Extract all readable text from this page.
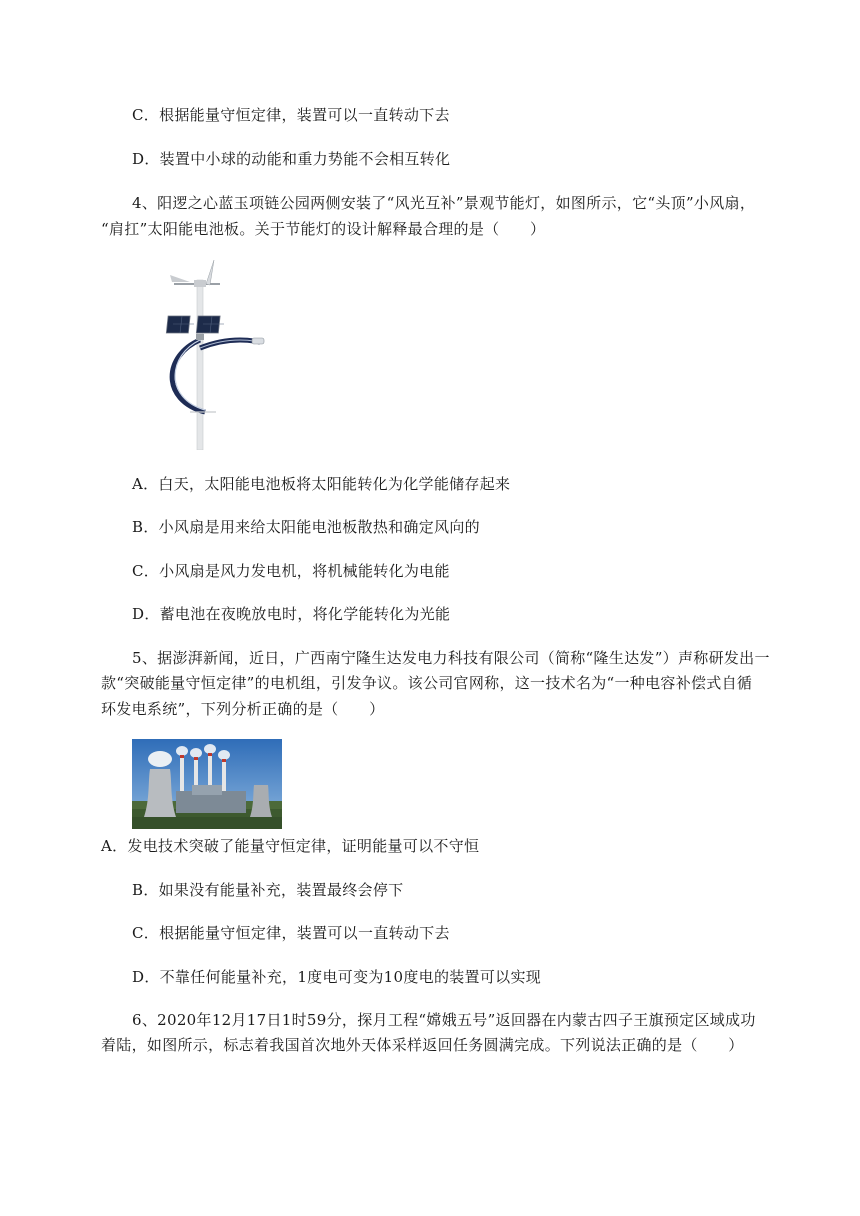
C．根据能量守恒定律，装置可以一直转动下去
D．装置中小球的动能和重力势能不会相互转化
4、阳逻之心蓝玉项链公园两侧安装了“风光互补”景观节能灯，如图所示，它“头顶”小风扇，
“肩扛”太阳能电池板。关于节能灯的设计解释最合理的是（　　）
A．白天，太阳能电池板将太阳能转化为化学能储存起来
B．小风扇是用来给太阳能电池板散热和确定风向的
C．小风扇是风力发电机，将机械能转化为电能
D．蓄电池在夜晚放电时，将化学能转化为光能
5、据澎湃新闻，近日，广西南宁隆生达发电力科技有限公司（简称“隆生达发”）声称研发出一
款“突破能量守恒定律”的电机组，引发争议。该公司官网称，这一技术名为“一种电容补偿式自循
环发电系统”，下列分析正确的是（　　）
A．发电技术突破了能量守恒定律，证明能量可以不守恒
B．如果没有能量补充，装置最终会停下
C．根据能量守恒定律，装置可以一直转动下去
D．不靠任何能量补充，1度电可变为10度电的装置可以实现
6、2020年12月17日1时59分，探月工程“嫦娥五号”返回器在内蒙古四子王旗预定区域成功
着陆，如图所示，标志着我国首次地外天体采样返回任务圆满完成。下列说法正确的是（　　）
